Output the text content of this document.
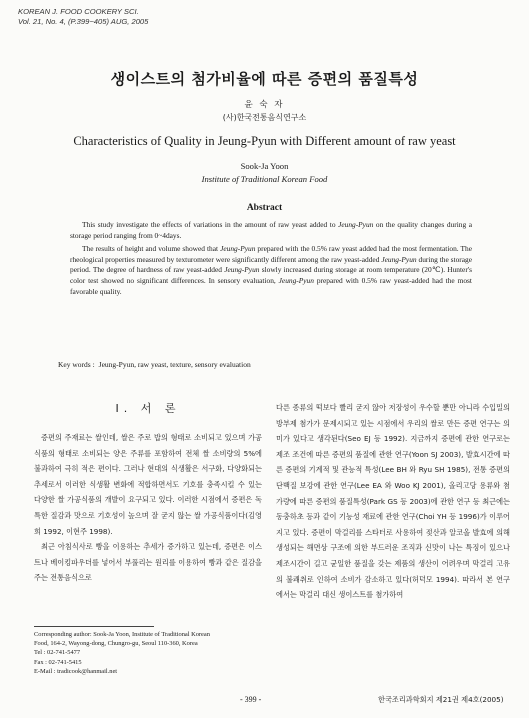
KOREAN J. FOOD COOKERY SCI.
Vol. 21, No. 4, (P.399~405) AUG, 2005
생이스트의 첨가비율에 따른 증편의 품질특성
윤 숙 자
(사)한국전통음식연구소
Characteristics of Quality in Jeung-Pyun with Different amount of raw yeast
Sook-Ja Yoon
Institute of Traditional Korean Food
Abstract

This study investigate the effects of variations in the amount of raw yeast added to Jeung-Pyun on the quality changes during a storage period ranging from 0~4days.

The results of height and volume showed that Jeung-Pyun prepared with the 0.5% raw yeast added had the most fermentation. The rheological properties measured by texturometer were significantly different among the raw yeast-added Jeung-Pyun during the storage period. The degree of hardness of raw yeast-added Jeung-Pyun slowly increased during storage at room temperature (20℃). Hunter's color test showed no significant differences. In sensory evaluation, Jeung-Pyun prepared with 0.5% raw yeast-added had the most favorable quality.

Key words : Jeung-Pyun, raw yeast, texture, sensory evaluation
Ⅰ. 서 론

증편의 주재료는 쌀인데, 쌀은 주로 밥의 형태로 소비되고 있으며 가공식품의 형태로 소비되는 양은 주류를 포함하여 전체 쌀 소비량의 5%에 불과하여 극히 적은 편이다. 그러나 현대의 식생활은 서구화, 다양화되는 추세로서 이러한 식생활 변화에 적합하면서도 기호를 충족시킬 수 있는 다양한 쌀 가공식품의 개발이 요구되고 있다. 이러한 시점에서 증편은 독특한 질감과 맛으로 기호성이 높으며 잘 굳지 않는 쌀 가공식품이다(김영희 1992, 이현주 1998).

최근 아침식사로 빵을 이용하는 추세가 증가하고 있는데, 증편은 이스트나 베이킹파우더를 넣어서 부풀리는 원리를 이용하여 빵과 같은 질감을 주는 전통음식으로

다른 종류의 떡보다 빨리 굳지 않아 저장성이 우수할 뿐만 아니라 수입밀의 방부제 첨가가 문제시되고 있는 시점에서 우리의 쌀로 만든 증편 연구는 의미가 있다고 생각된다(Seo EJ 등 1992). 지금까지 증편에 관한 연구로는 제조 조건에 따른 증편의 품질에 관한 연구(Yoon SJ 2003), 발효시간에 따른 증편의 기계적 및 관능적 특성(Lee BH 와 Ryu SH 1985), 전통 증편의 단백질 보강에 관한 연구(Lee EA 와 Woo KJ 2001), 올리고당 용류와 첨가량에 따른 증편의 품질특성(Park GS 등 2003)에 관한 연구 등 최근에는 동충하초 등과 같이 기능성 재료에 관한 연구(Choi YH 등 1996)가 이루어지고 있다. 증편이 막걸리를 스타터로 사용하여 젖산과 알코올 발효에 의해 생성되는 해면상 구조에 의한 부드러운 조직과 신맛이 나는 특징이 있으나 제조시간이 길고 균일한 품질을 갖는 제품의 생산이 어려우며 막걸리 고유의 불쾌취로 인하여 소비가 감소하고 있다(허덕모 1994). 따라서 본 연구에서는 막걸리 대신 생이스트를 첨가하여

Corresponding author: Sook-Ja Yoon, Institute of Traditional Korean
Food, 164-2, Wayong-dong, Chungro-gu, Seoul 110-360, Korea
Tel : 02-741-5477
Fax : 02-741-5415
E-Mail : tradicook@hanmail.net
- 399 -	한국조리과학회지 제21권 제4호(2005)
